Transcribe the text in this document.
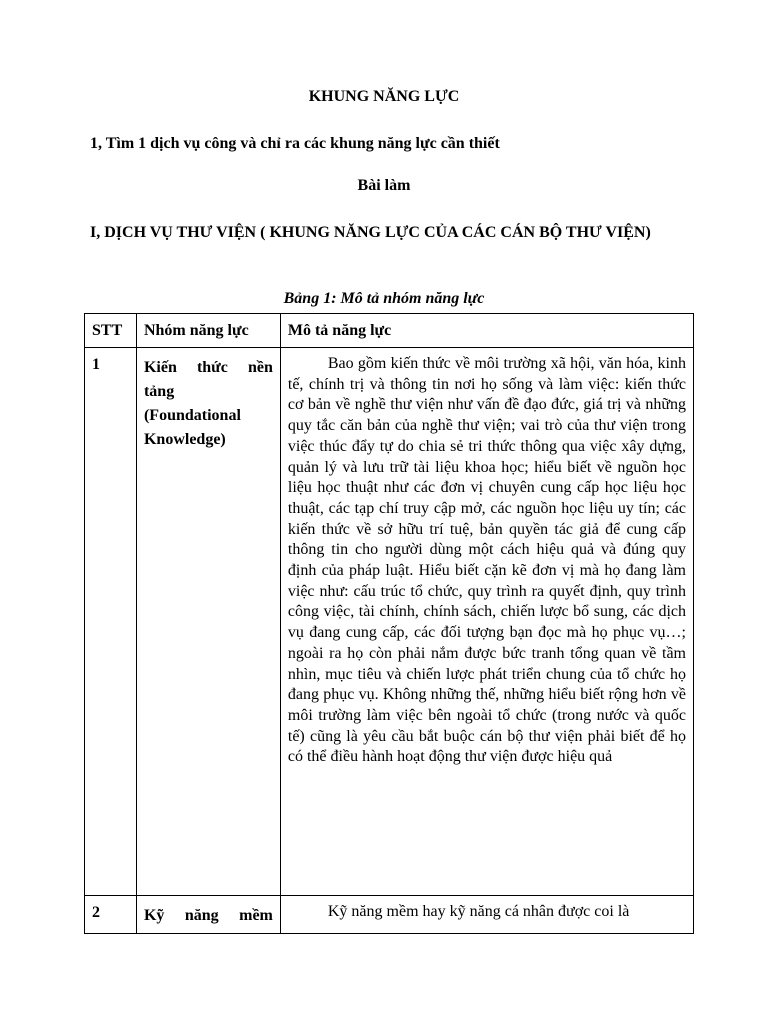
KHUNG NĂNG LỰC
1, Tìm 1 dịch vụ công và chỉ ra các khung năng lực cần thiết
Bài làm
I, DỊCH VỤ THƯ VIỆN ( KHUNG NĂNG LỰC CỦA CÁC CÁN BỘ THƯ VIỆN)
Bảng 1: Mô tả nhóm năng lực
STT	Nhóm năng lực	Mô tả năng lực
1	Kiến thức nền tảng (Foundational Knowledge)	Bao gồm kiến thức về môi trường xã hội, văn hóa, kinh tế, chính trị và thông tin nơi họ sống và làm việc: kiến thức cơ bản về nghề thư viện như vấn đề đạo đức, giá trị và những quy tắc căn bản của nghề thư viện; vai trò của thư viện trong việc thúc đẩy tự do chia sẻ tri thức thông qua việc xây dựng, quản lý và lưu trữ tài liệu khoa học; hiểu biết về nguồn học liệu học thuật như các đơn vị chuyên cung cấp học liệu học thuật, các tạp chí truy cập mở, các nguồn học liệu uy tín; các kiến thức về sở hữu trí tuệ, bản quyền tác giả để cung cấp thông tin cho người dùng một cách hiệu quả và đúng quy định của pháp luật. Hiểu biết cặn kẽ đơn vị mà họ đang làm việc như: cấu trúc tổ chức, quy trình ra quyết định, quy trình công việc, tài chính, chính sách, chiến lược bổ sung, các dịch vụ đang cung cấp, các đối tượng bạn đọc mà họ phục vụ…; ngoài ra họ còn phải nắm được bức tranh tổng quan về tầm nhìn, mục tiêu và chiến lược phát triển chung của tổ chức họ đang phục vụ. Không những thế, những hiểu biết rộng hơn về môi trường làm việc bên ngoài tổ chức (trong nước và quốc tế) cũng là yêu cầu bắt buộc cán bộ thư viện phải biết để họ có thể điều hành hoạt động thư viện được hiệu quả
2	Kỹ năng mềm	Kỹ năng mềm hay kỹ năng cá nhân được coi là
